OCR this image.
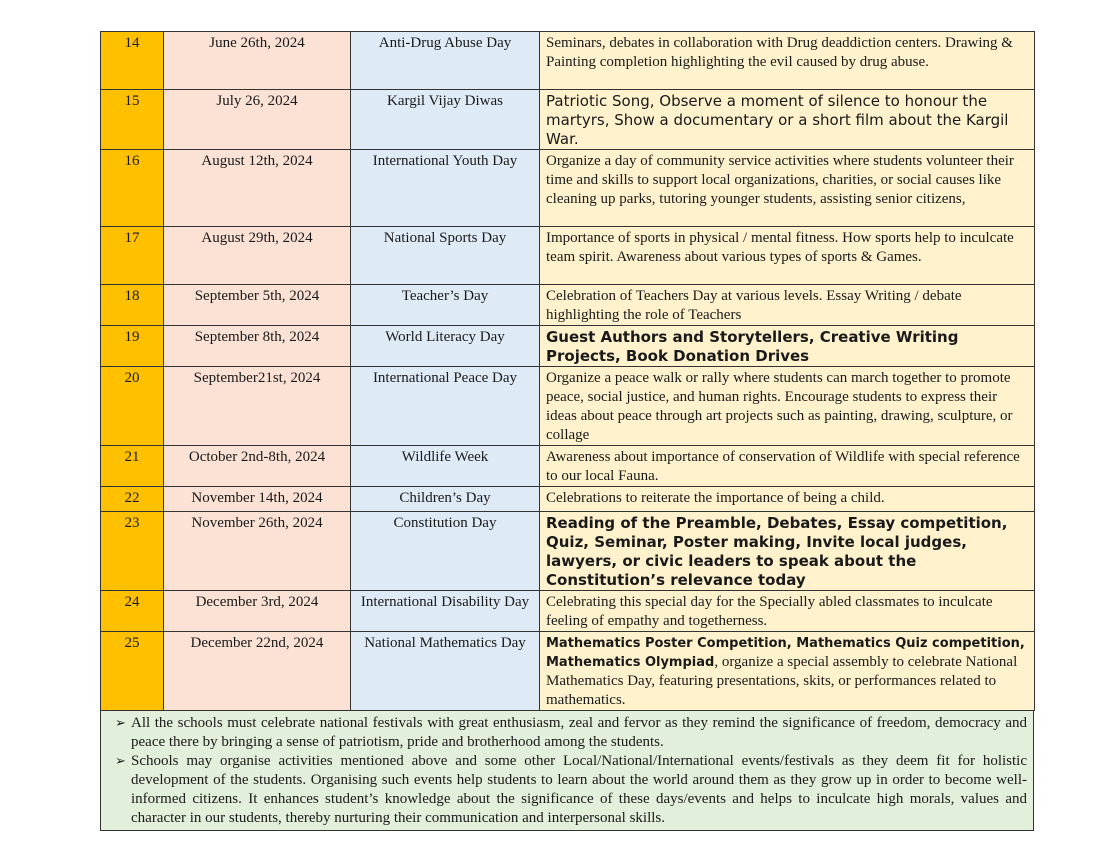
14	June 26th, 2024	Anti-Drug Abuse Day	Seminars, debates in collaboration with Drug deaddiction centers. Drawing & Painting completion highlighting the evil caused by drug abuse.
15	July 26, 2024	Kargil Vijay Diwas	Patriotic Song, Observe a moment of silence to honour the martyrs, Show a documentary or a short film about the Kargil War.
16	August 12th, 2024	International Youth Day	Organize a day of community service activities where students volunteer their time and skills to support local organizations, charities, or social causes like cleaning up parks, tutoring younger students, assisting senior citizens,
17	August 29th, 2024	National Sports Day	Importance of sports in physical / mental fitness. How sports help to inculcate team spirit. Awareness about various types of sports & Games.
18	September 5th, 2024	Teacher’s Day	Celebration of Teachers Day at various levels. Essay Writing / debate highlighting the role of Teachers
19	September 8th, 2024	World Literacy Day	Guest Authors and Storytellers, Creative Writing Projects, Book Donation Drives
20	September21st, 2024	International Peace Day	Organize a peace walk or rally where students can march together to promote peace, social justice, and human rights. Encourage students to express their ideas about peace through art projects such as painting, drawing, sculpture, or collage
21	October 2nd-8th, 2024	Wildlife Week	Awareness about importance of conservation of Wildlife with special reference to our local Fauna.
22	November 14th, 2024	Children’s Day	Celebrations to reiterate the importance of being a child.
23	November 26th, 2024	Constitution Day	Reading of the Preamble, Debates, Essay competition, Quiz, Seminar, Poster making, Invite local judges, lawyers, or civic leaders to speak about the Constitution’s relevance today
24	December 3rd, 2024	International Disability Day	Celebrating this special day for the Specially abled classmates to inculcate feeling of empathy and togetherness.
25	December 22nd, 2024	National Mathematics Day	Mathematics Poster Competition, Mathematics Quiz competition, Mathematics Olympiad, organize a special assembly to celebrate National Mathematics Day, featuring presentations, skits, or performances related to mathematics.

➢ All the schools must celebrate national festivals with great enthusiasm, zeal and fervor as they remind the significance of freedom, democracy and peace there by bringing a sense of patriotism, pride and brotherhood among the students.

➢ Schools may organise activities mentioned above and some other Local/National/International events/festivals as they deem fit for holistic development of the students. Organising such events help students to learn about the world around them as they grow up in order to become well-informed citizens. It enhances student’s knowledge about the significance of these days/events and helps to inculcate high morals, values and character in our students, thereby nurturing their communication and interpersonal skills.
